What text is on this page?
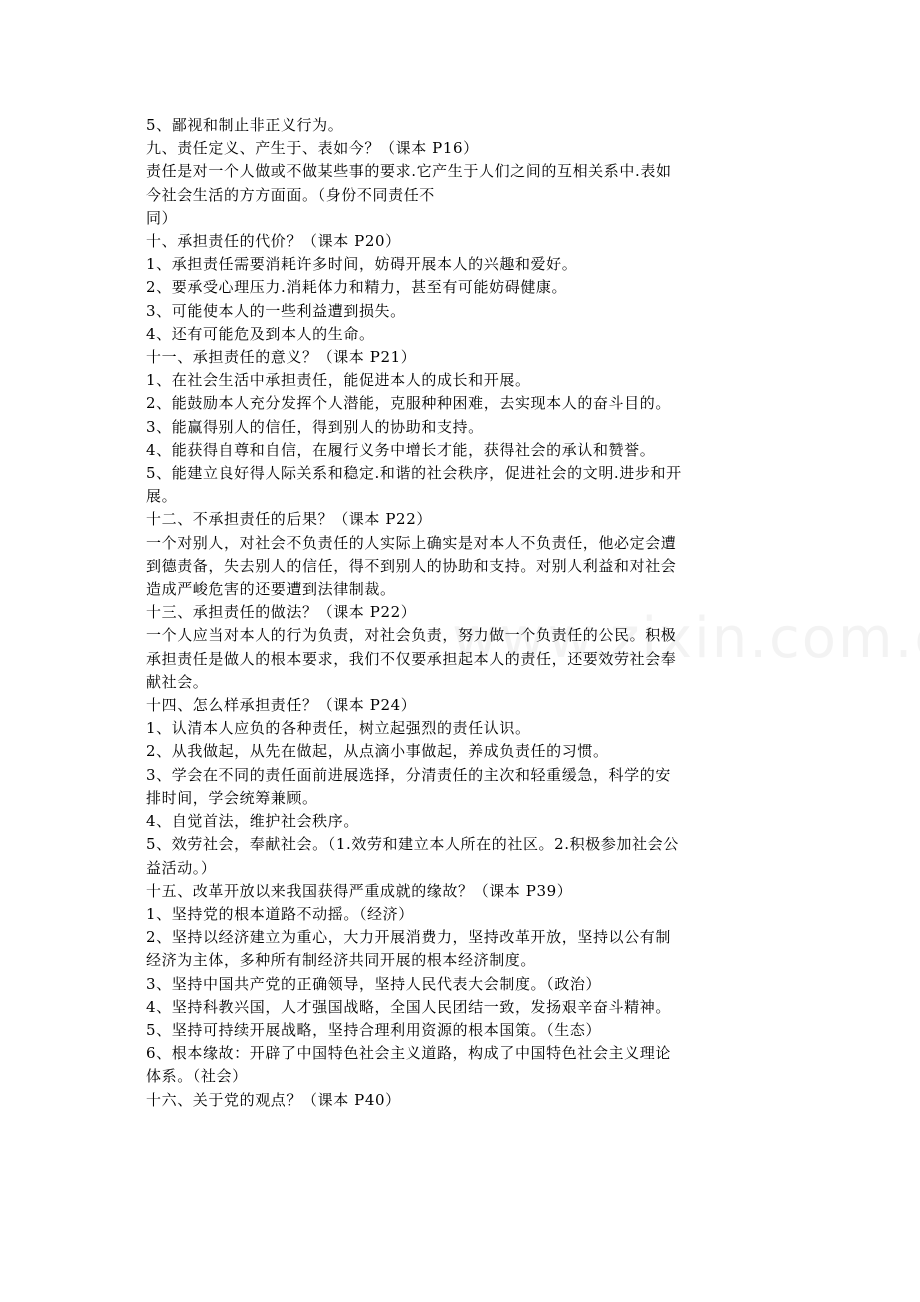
5、鄙视和制止非正义行为。
九、责任定义、产生于、表如今？（课本 P16）
责任是对一个人做或不做某些事的要求.它产生于人们之间的互相关系中.表如
今社会生活的方方面面。（身份不同责任不
同）
十、承担责任的代价？（课本 P20）
1、承担责任需要消耗许多时间，妨碍开展本人的兴趣和爱好。
2、要承受心理压力.消耗体力和精力，甚至有可能妨碍健康。
3、可能使本人的一些利益遭到损失。
4、还有可能危及到本人的生命。
十一、承担责任的意义？（课本 P21）
1、在社会生活中承担责任，能促进本人的成长和开展。
2、能鼓励本人充分发挥个人潜能，克服种种困难，去实现本人的奋斗目的。
3、能赢得别人的信任，得到别人的协助和支持。
4、能获得自尊和自信，在履行义务中增长才能，获得社会的承认和赞誉。
5、能建立良好得人际关系和稳定.和谐的社会秩序，促进社会的文明.进步和开
展。
十二、不承担责任的后果？（课本 P22）
一个对别人，对社会不负责任的人实际上确实是对本人不负责任，他必定会遭
到德责备，失去别人的信任，得不到别人的协助和支持。对别人利益和对社会
造成严峻危害的还要遭到法律制裁。
十三、承担责任的做法？（课本 P22）
一个人应当对本人的行为负责，对社会负责，努力做一个负责任的公民。积极
承担责任是做人的根本要求，我们不仅要承担起本人的责任，还要效劳社会奉
献社会。
十四、怎么样承担责任？（课本 P24）
1、认清本人应负的各种责任，树立起强烈的责任认识。
2、从我做起，从先在做起，从点滴小事做起，养成负责任的习惯。
3、学会在不同的责任面前进展选择，分清责任的主次和轻重缓急，科学的安
排时间，学会统筹兼顾。
4、自觉首法，维护社会秩序。
5、效劳社会，奉献社会。（1.效劳和建立本人所在的社区。2.积极参加社会公
益活动。）
十五、改革开放以来我国获得严重成就的缘故？（课本 P39）
1、坚持党的根本道路不动摇。（经济）
2、坚持以经济建立为重心，大力开展消费力，坚持改革开放，坚持以公有制
经济为主体，多种所有制经济共同开展的根本经济制度。
3、坚持中国共产党的正确领导，坚持人民代表大会制度。（政治）
4、坚持科教兴国，人才强国战略，全国人民团结一致，发扬艰辛奋斗精神。
5、坚持可持续开展战略，坚持合理利用资源的根本国策。（生态）
6、根本缘故：开辟了中国特色社会主义道路，构成了中国特色社会主义理论
体系。（社会）
十六、关于党的观点？（课本 P40）
